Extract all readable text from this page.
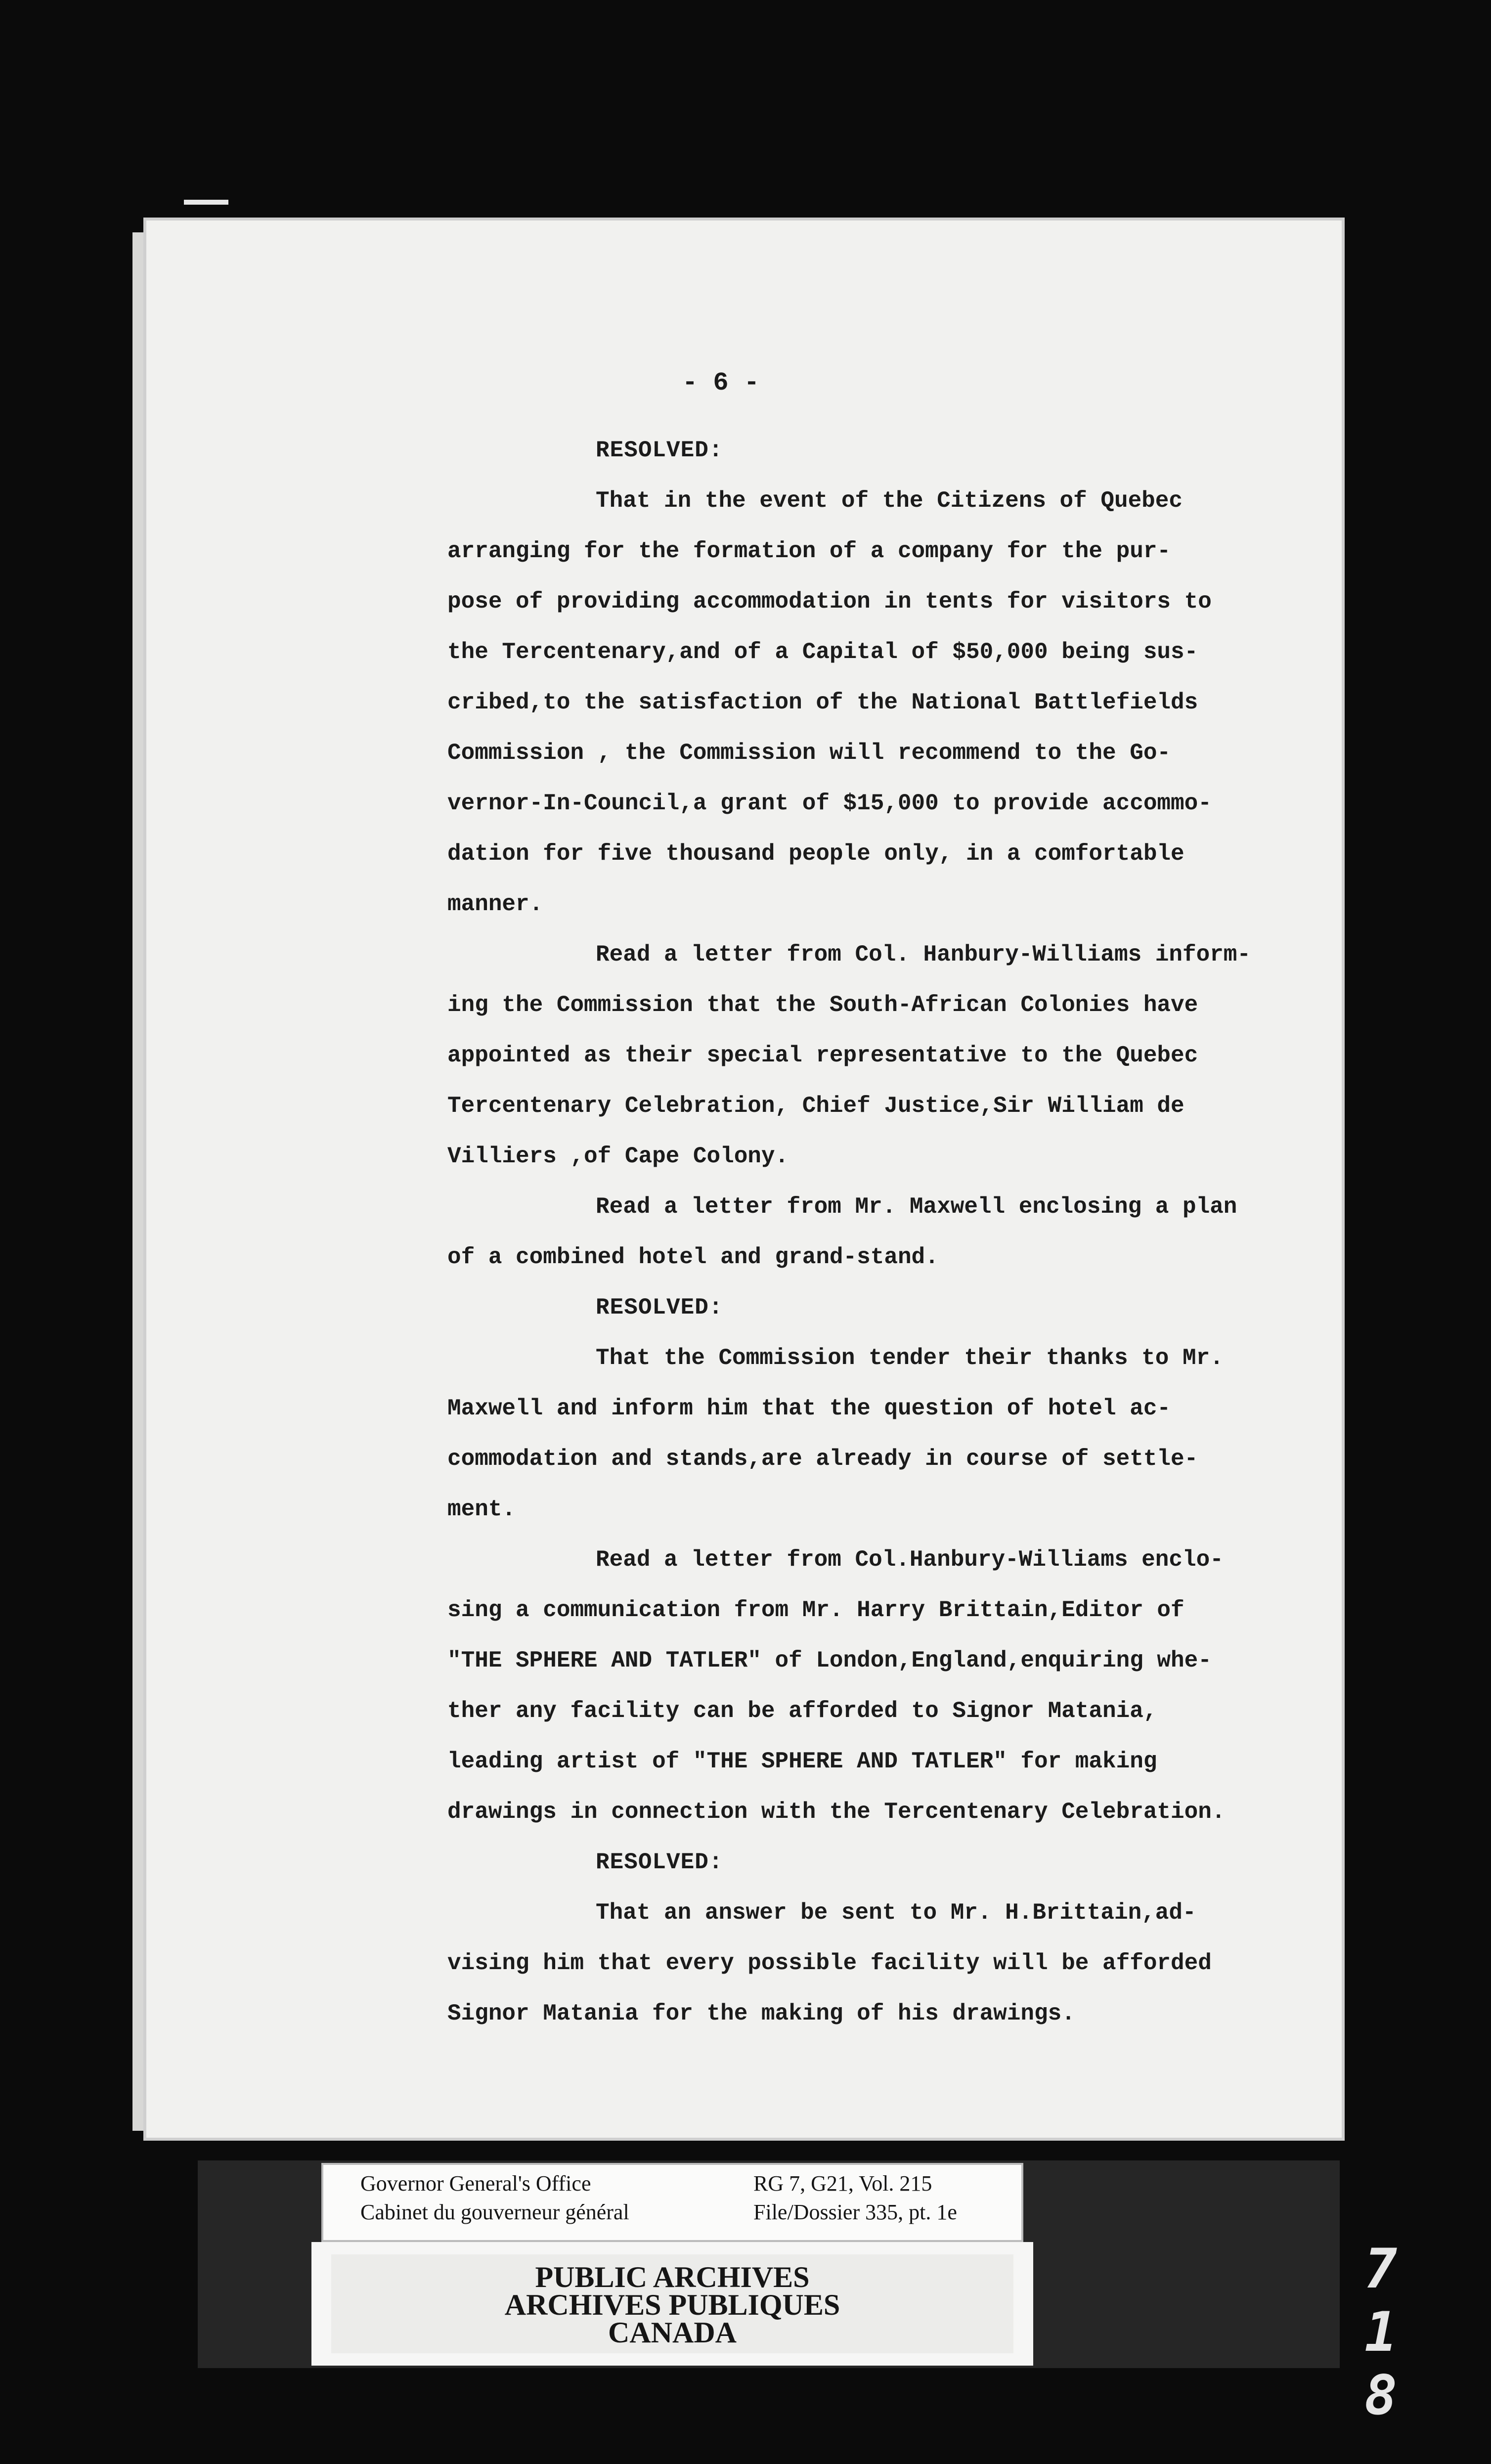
- 6 -
RESOLVED:
That in the event of the Citizens of Quebec
arranging for the formation of a company for the pur-
pose of providing accommodation in tents for visitors to
the Tercentenary,and of a Capital of $50,000 being sus-
cribed,to the satisfaction of the National Battlefields
Commission , the Commission will recommend to the Go-
vernor-In-Council,a grant of $15,000 to provide accommo-
dation for five thousand people only, in a comfortable
manner.
Read a letter from Col. Hanbury-Williams inform-
ing the Commission that the South-African Colonies have
appointed as their special representative to the Quebec
Tercentenary Celebration, Chief Justice,Sir William de
Villiers ,of Cape Colony.
Read a letter from Mr. Maxwell enclosing a plan
of a combined hotel and grand-stand.
RESOLVED:
That the Commission tender their thanks to Mr.
Maxwell and inform him that the question of hotel ac-
commodation and stands,are already in course of settle-
ment.
Read a letter from Col.Hanbury-Williams enclo-
sing a communication from Mr. Harry Brittain,Editor of
"THE SPHERE AND TATLER" of London,England,enquiring whe-
ther any facility can be afforded to Signor Matania,
leading artist of "THE SPHERE AND TATLER" for making
drawings in connection with the Tercentenary Celebration.
RESOLVED:
That an answer be sent to Mr. H.Brittain,ad-
vising him that every possible facility will be afforded
Signor Matania for the making of his drawings.
Governor General's Office
Cabinet du gouverneur général
RG 7, G21, Vol. 215
File/Dossier 335, pt. 1e
PUBLIC ARCHIVES
ARCHIVES PUBLIQUES
CANADA
7 1 8
